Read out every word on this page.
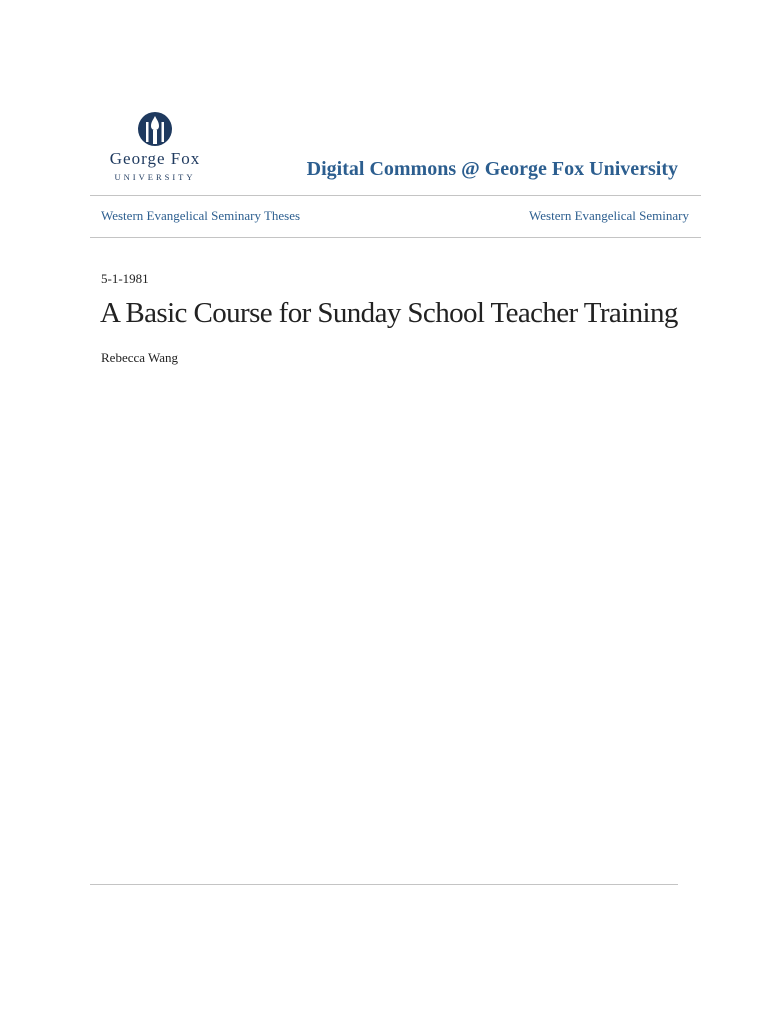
George Fox
UNIVERSITY	Digital Commons @ George Fox University
Western Evangelical Seminary Theses	Western Evangelical Seminary
5-1-1981
A Basic Course for Sunday School Teacher Training
Rebecca Wang
